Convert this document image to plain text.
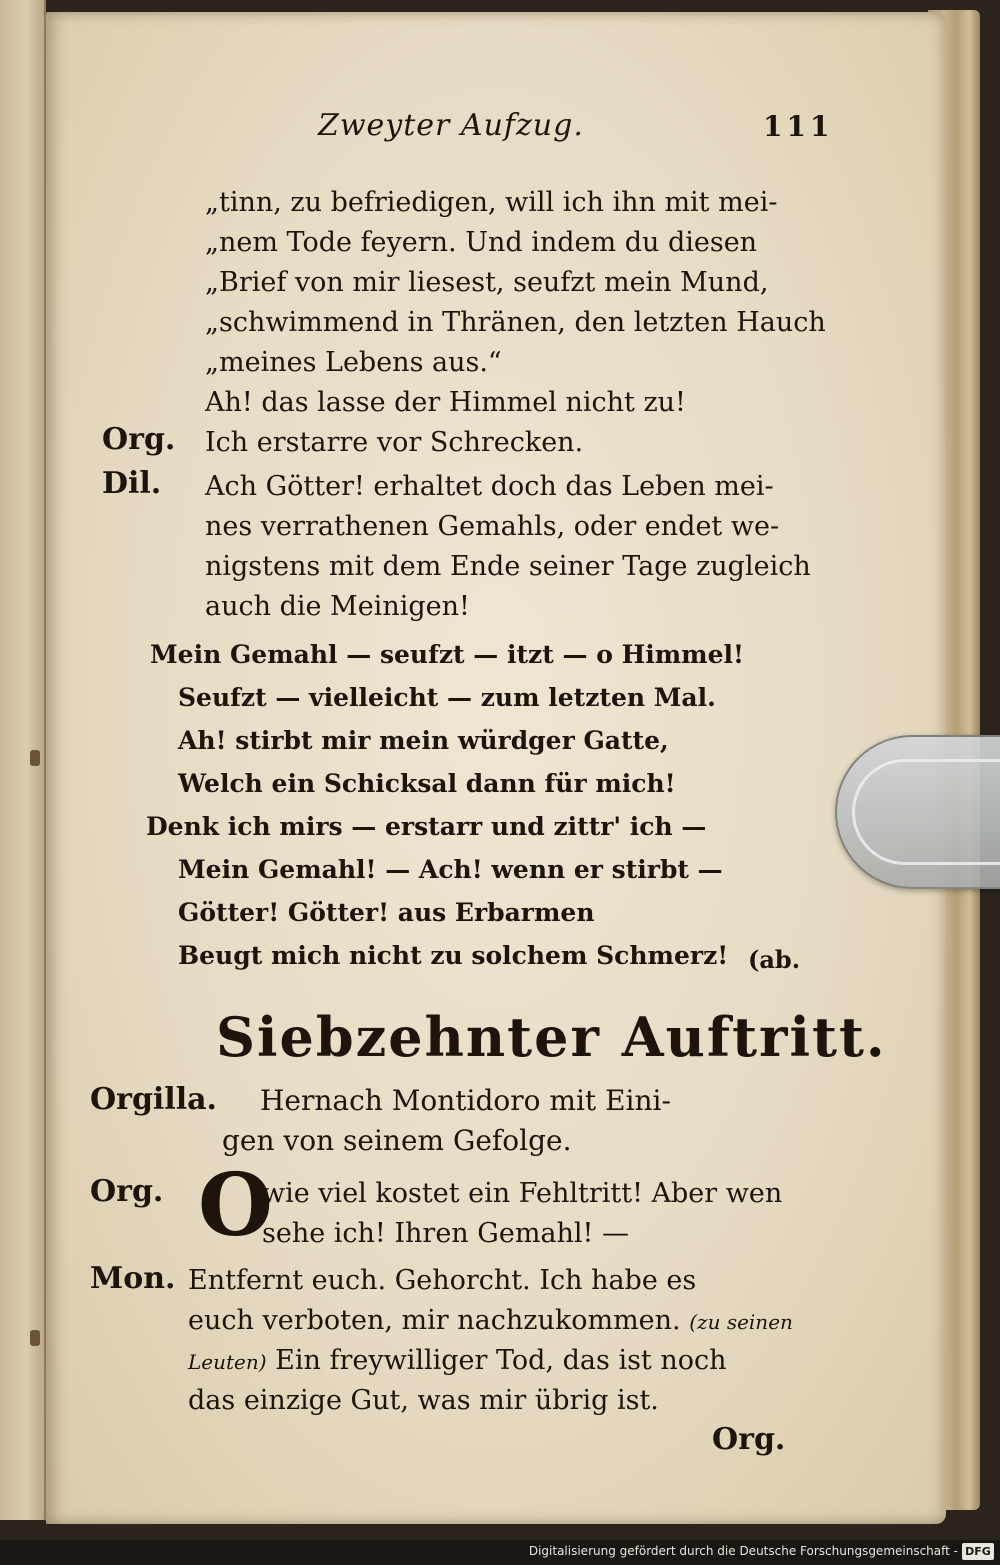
Zweyter Aufzug.	111
„tinn, zu befriedigen, will ich ihn mit mei-
„nem Tode feyern. Und indem du diesen
„Brief von mir liesest, seufzt mein Mund,
„schwimmend in Thränen, den letzten Hauch
„meines Lebens aus.“
Ah! das lasse der Himmel nicht zu!
Org. Ich erstarre vor Schrecken.
Dil. Ach Götter! erhaltet doch das Leben mei-
nes verrathenen Gemahls, oder endet we-
nigstens mit dem Ende seiner Tage zugleich
auch die Meinigen!
Mein Gemahl — seufzt — itzt — o Himmel!
Seufzt — vielleicht — zum letzten Mal.
Ah! stirbt mir mein würdger Gatte,
Welch ein Schicksal dann für mich!
Denk ich mirs — erstarr und zittr' ich —
Mein Gemahl! — Ach! wenn er stirbt —
Götter! Götter! aus Erbarmen
Beugt mich nicht zu solchem Schmerz! (ab.
Siebzehnter Auftritt.
Orgilla. Hernach Montidoro mit Eini-
gen von seinem Gefolge.
Org. O
wie viel kostet ein Fehltritt! Aber wen
sehe ich! Ihren Gemahl! —
Mon. Entfernt euch. Gehorcht. Ich habe es
euch verboten, mir nachzukommen. (zu seinen
Leuten) Ein freywilliger Tod, das ist noch
das einzige Gut, was mir übrig ist.
Org.
Digitalisierung gefördert durch die Deutsche Forschungsgemeinschaft - DFG
